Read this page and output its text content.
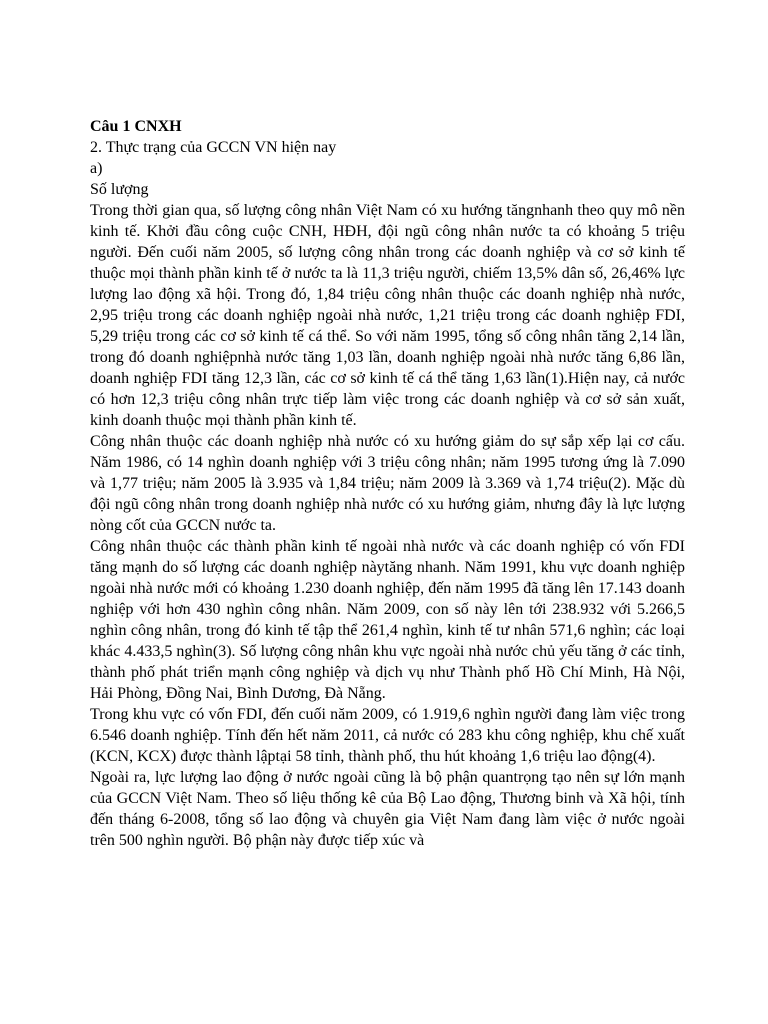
Câu 1 CNXH

2. Thực trạng của GCCN VN hiện nay

a)

Số lượng

Trong thời gian qua, số lượng công nhân Việt Nam có xu hướng tăngnhanh theo quy mô nền kinh tế. Khởi đầu công cuộc CNH, HĐH, đội ngũ công nhân nước ta có khoảng 5 triệu người. Đến cuối năm 2005, số lượng công nhân trong các doanh nghiệp và cơ sở kinh tế thuộc mọi thành phần kinh tế ở nước ta là 11,3 triệu người, chiếm 13,5% dân số, 26,46% lực lượng lao động xã hội. Trong đó, 1,84 triệu công nhân thuộc các doanh nghiệp nhà nước, 2,95 triệu trong các doanh nghiệp ngoài nhà nước, 1,21 triệu trong các doanh nghiệp FDI, 5,29 triệu trong các cơ sở kinh tế cá thể. So với năm 1995, tổng số công nhân tăng 2,14 lần, trong đó doanh nghiệpnhà nước tăng 1,03 lần, doanh nghiệp ngoài nhà nước tăng 6,86 lần, doanh nghiệp FDI tăng 12,3 lần, các cơ sở kinh tế cá thể tăng 1,63 lần(1).Hiện nay, cả nước có hơn 12,3 triệu công nhân trực tiếp làm việc trong các doanh nghiệp và cơ sở sản xuất, kinh doanh thuộc mọi thành phần kinh tế.

Công nhân thuộc các doanh nghiệp nhà nước có xu hướng giảm do sự sắp xếp lại cơ cấu. Năm 1986, có 14 nghìn doanh nghiệp với 3 triệu công nhân; năm 1995 tương ứng là 7.090 và 1,77 triệu; năm 2005 là 3.935 và 1,84 triệu; năm 2009 là 3.369 và 1,74 triệu(2). Mặc dù đội ngũ công nhân trong doanh nghiệp nhà nước có xu hướng giảm, nhưng đây là lực lượng nòng cốt của GCCN nước ta.

Công nhân thuộc các thành phần kinh tế ngoài nhà nước và các doanh nghiệp có vốn FDI tăng mạnh do số lượng các doanh nghiệp nàytăng nhanh. Năm 1991, khu vực doanh nghiệp ngoài nhà nước mới có khoảng 1.230 doanh nghiệp, đến năm 1995 đã tăng lên 17.143 doanh nghiệp với hơn 430 nghìn công nhân. Năm 2009, con số này lên tới 238.932 với 5.266,5 nghìn công nhân, trong đó kinh tế tập thể 261,4 nghìn, kinh tế tư nhân 571,6 nghìn; các loại khác 4.433,5 nghìn(3). Số lượng công nhân khu vực ngoài nhà nước chủ yếu tăng ở các tỉnh, thành phố phát triển mạnh công nghiệp và dịch vụ như Thành phố Hồ Chí Minh, Hà Nội, Hải Phòng, Đồng Nai, Bình Dương, Đà Nẵng.

Trong khu vực có vốn FDI, đến cuối năm 2009, có 1.919,6 nghìn người đang làm việc trong 6.546 doanh nghiệp. Tính đến hết năm 2011, cả nước có 283 khu công nghiệp, khu chế xuất (KCN, KCX) được thành lậptại 58 tỉnh, thành phố, thu hút khoảng 1,6 triệu lao động(4).

Ngoài ra, lực lượng lao động ở nước ngoài cũng là bộ phận quantrọng tạo nên sự lớn mạnh của GCCN Việt Nam. Theo số liệu thống kê của Bộ Lao động, Thương binh và Xã hội, tính đến tháng 6-2008, tổng số lao động và chuyên gia Việt Nam đang làm việc ở nước ngoài trên 500 nghìn người. Bộ phận này được tiếp xúc và
